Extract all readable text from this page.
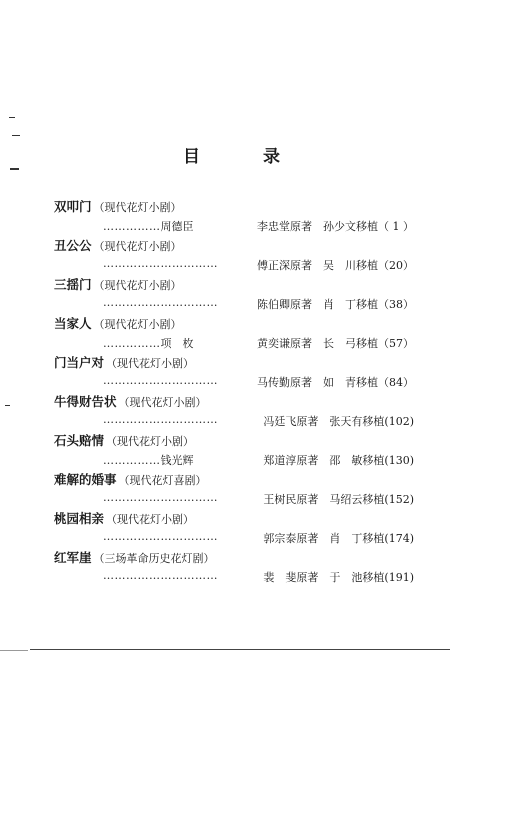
目	录
双叩门 （现代花灯小剧）
……………周德臣	李忠堂原著　孙少文移植（ 1 ）
丑公公 （现代花灯小剧）
…………………………	傅正深原著　吴　川移植（20）
三揺门 （现代花灯小剧）
…………………………	陈伯卿原著　肖　丁移植（38）
当家人 （现代花灯小剧）
……………项　枚	黄奕谦原著　长　弓移植（57）
门当户对 （现代花灯小剧）
…………………………	马传勤原著　如　青移植（84）
牛得财告状 （现代花灯小剧）
…………………………	冯廷飞原著　张天有移植(102)
石头赔情 （现代花灯小剧）
……………钱光辉	郑道淳原著　邵　敏移植(130)
难解的婚事 （现代花灯喜剧）
…………………………	王树民原著　马绍云移植(152)
桃园相亲 （现代花灯小剧）
…………………………	郭宗泰原著　肖　丁移植(174)
红军崖 （三场革命历史花灯剧）
…………………………	裴　斐原著　于　池移植(191)
